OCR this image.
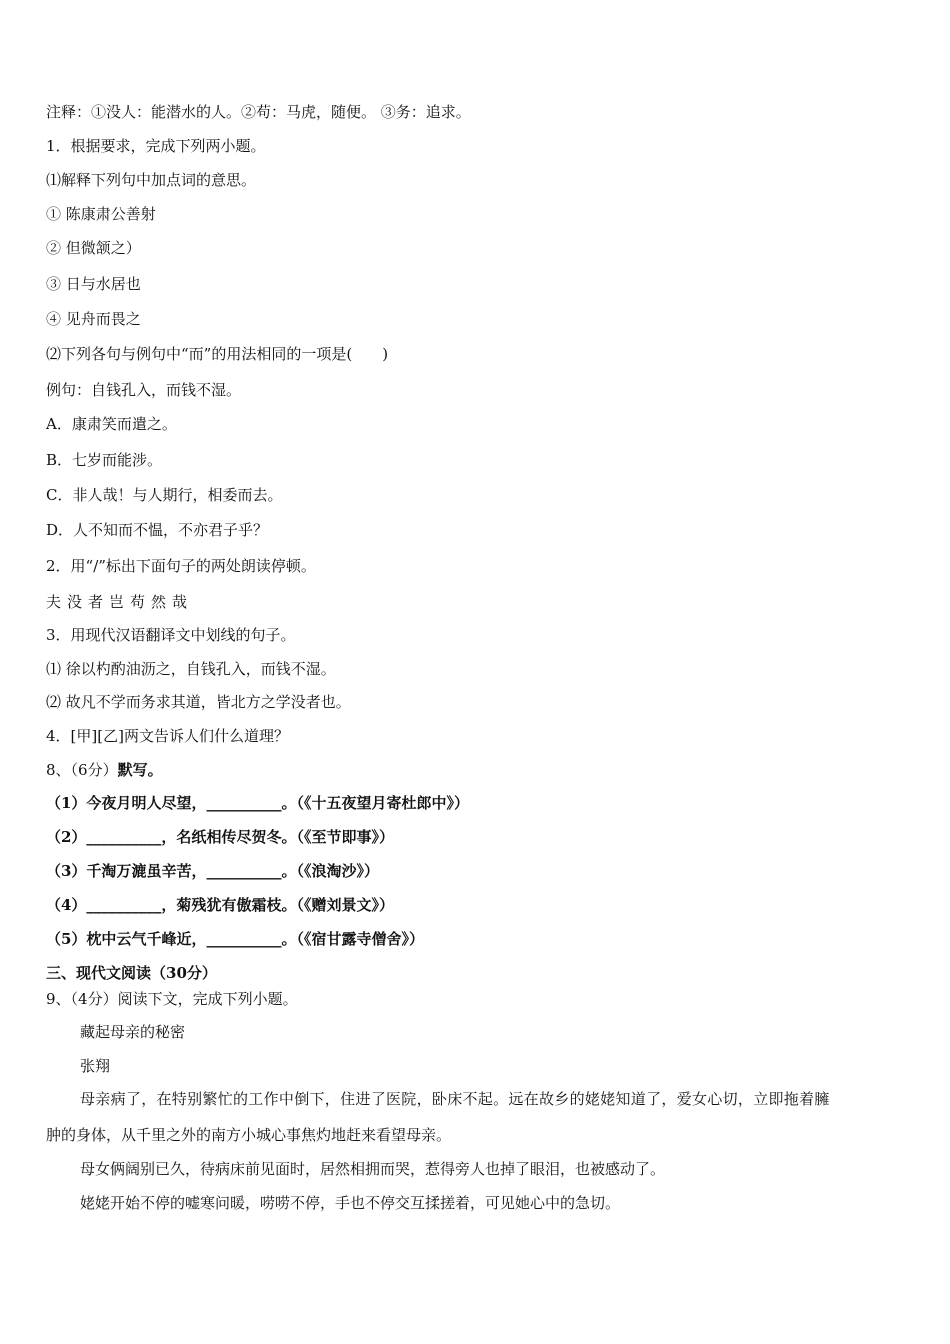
注释：①没人：能潜水的人。②苟：马虎，随便。 ③务：追求。
1．根据要求，完成下列两小题。
⑴解释下列句中加点词的意思。
① 陈康肃公善射
② 但微颔之）
③ 日与水居也
④ 见舟而畏之
⑵下列各句与例句中“而”的用法相同的一项是(　　)
例句：自钱孔入，而钱不湿。
A．康肃笑而遣之。
B．七岁而能涉。
C．非人哉！与人期行，相委而去。
D．人不知而不愠，不亦君子乎？
2．用“/”标出下面句子的两处朗读停顿。
夫没者岂苟然哉
3．用现代汉语翻译文中划线的句子。
⑴ 徐以杓酌油沥之，自钱孔入，而钱不湿。
⑵ 故凡不学而务求其道，皆北方之学没者也。
4．[甲][乙]两文告诉人们什么道理？
8、（6分）默写。
（1）今夜月明人尽望，__________。（《十五夜望月寄杜郎中》）
（2）__________，名纸相传尽贺冬。（《至节即事》）
（3）千淘万漉虽辛苦，__________。（《浪淘沙》）
（4）__________，菊残犹有傲霜枝。（《赠刘景文》）
（5）枕中云气千峰近，__________。（《宿甘露寺僧舍》）
三、现代文阅读（30分）
9、（4分）阅读下文，完成下列小题。
藏起母亲的秘密
张翔
母亲病了，在特别繁忙的工作中倒下，住进了医院，卧床不起。远在故乡的姥姥知道了，爱女心切，立即拖着臃
肿的身体，从千里之外的南方小城心事焦灼地赶来看望母亲。
母女俩阔别已久，待病床前见面时，居然相拥而哭，惹得旁人也掉了眼泪，也被感动了。
姥姥开始不停的嘘寒问暖，唠唠不停，手也不停交互揉搓着，可见她心中的急切。
